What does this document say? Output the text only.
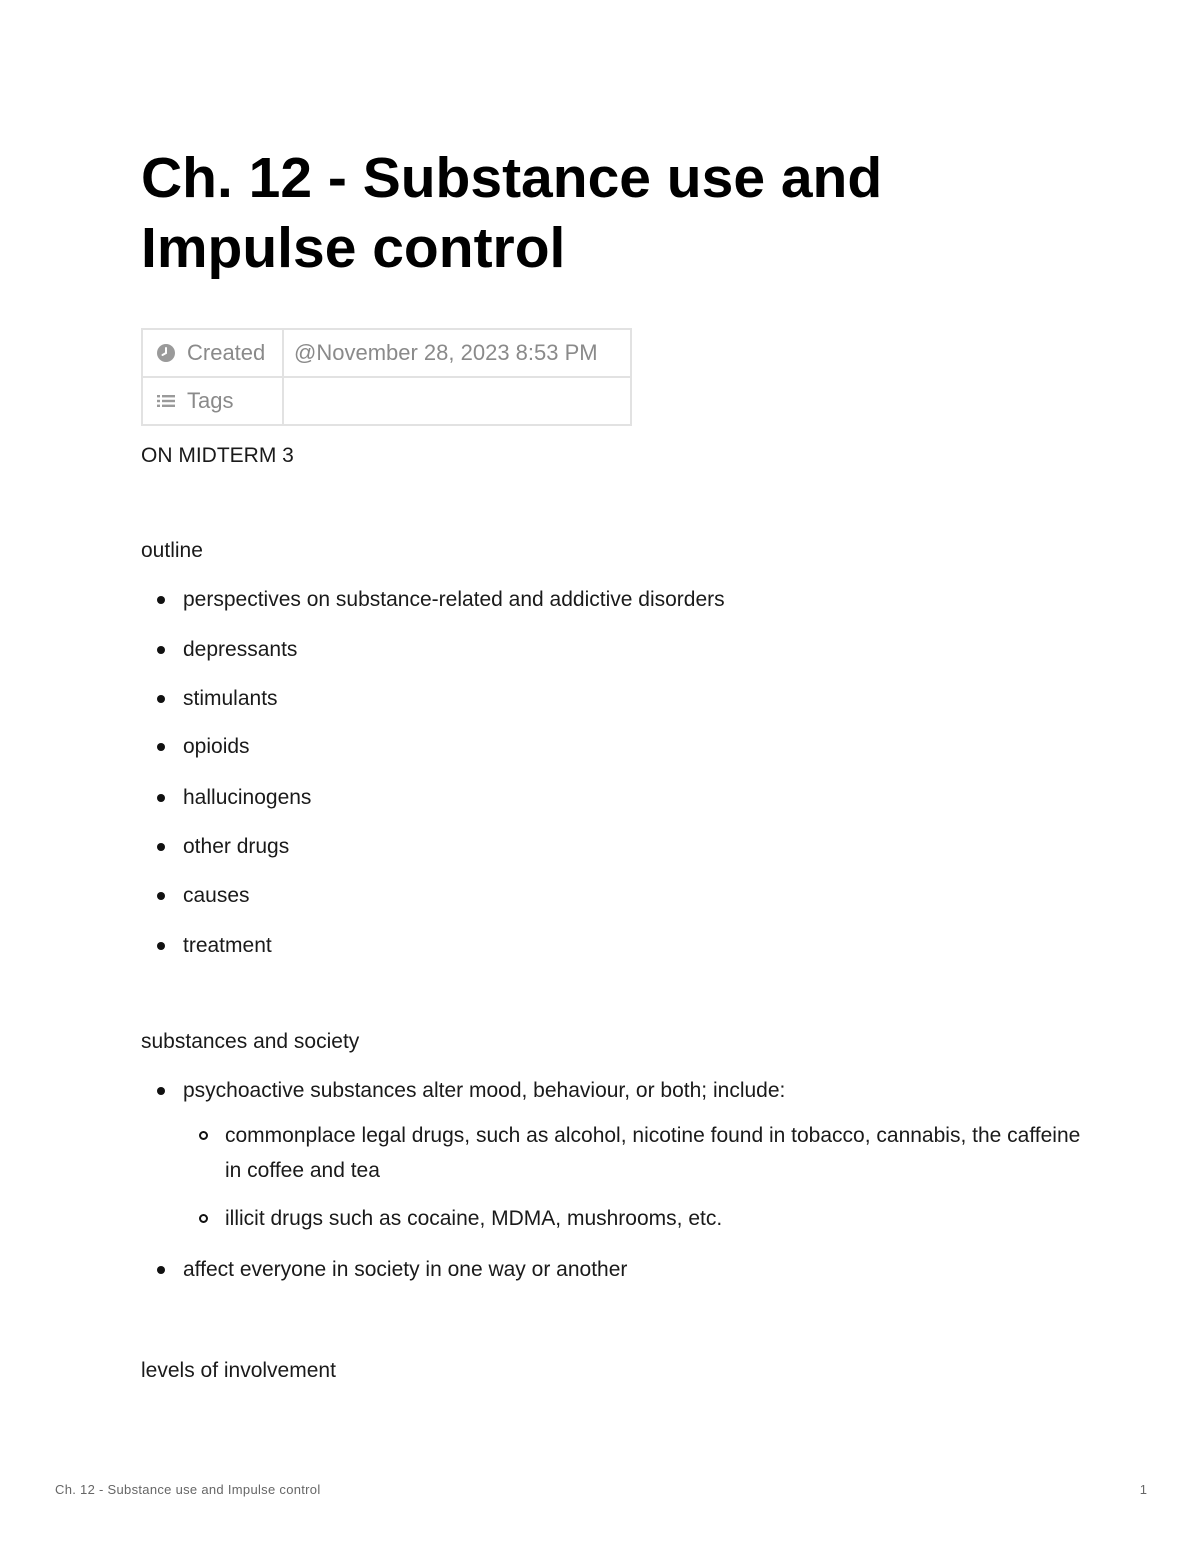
Ch. 12 - Substance use and
Impulse control
Created	@November 28, 2023 8:53 PM

Tags	

ON MIDTERM 3

outline

perspectives on substance-related and addictive disorders
depressants
stimulants
opioids
hallucinogens
other drugs
causes
treatment

substances and society

psychoactive substances alter mood, behaviour, or both; include:
commonplace legal drugs, such as alcohol, nicotine found in tobacco, cannabis, the caffeine in coffee and tea
illicit drugs such as cocaine, MDMA, mushrooms, etc.
affect everyone in society in one way or another

levels of involvement

Ch. 12 - Substance use and Impulse control	1
